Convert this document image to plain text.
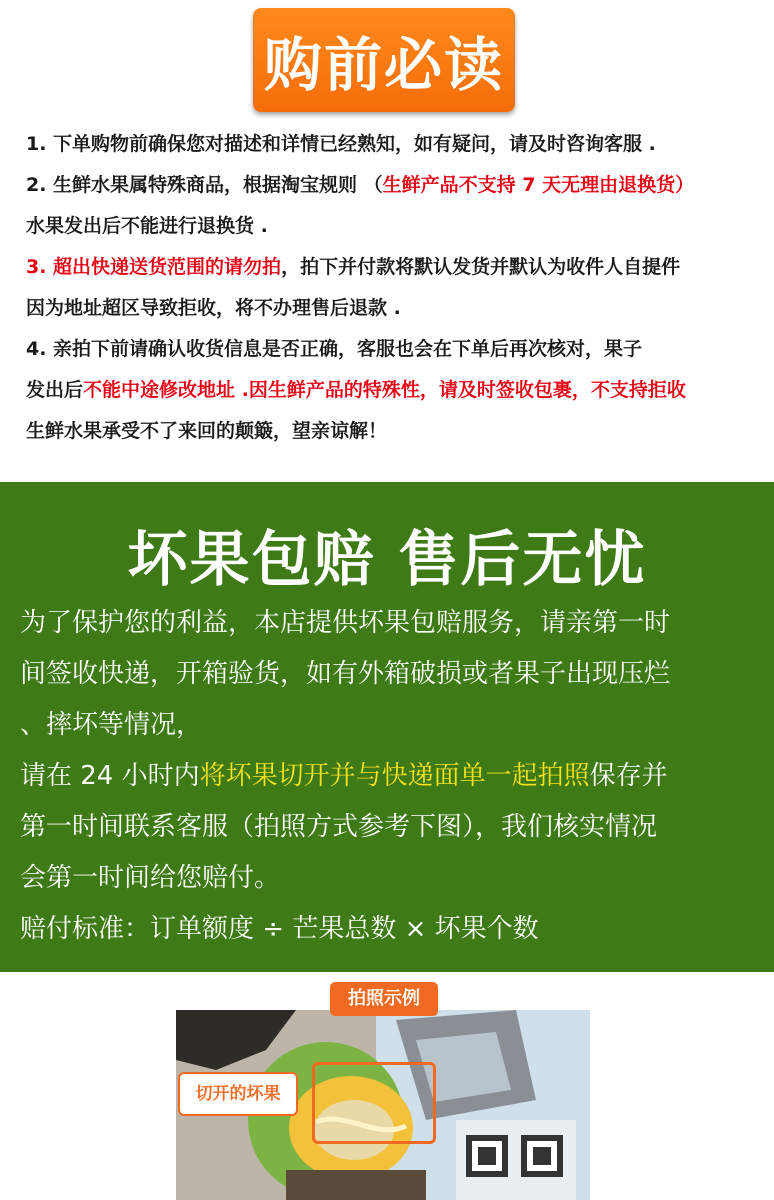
购前必读
1. 下单购物前确保您对描述和详情已经熟知，如有疑问，请及时咨询客服 .
2. 生鲜水果属特殊商品，根据淘宝规则 （生鲜产品不支持 7 天无理由退换货）
水果发出后不能进行退换货 .
3. 超出快递送货范围的请勿拍，拍下并付款将默认发货并默认为收件人自提件
因为地址超区导致拒收，将不办理售后退款 .
4. 亲拍下前请确认收货信息是否正确，客服也会在下单后再次核对，果子
发出后不能中途修改地址 .因生鲜产品的特殊性，请及时签收包裹，不支持拒收
生鲜水果承受不了来回的颠簸，望亲谅解！
坏果包赔 售后无忧
为了保护您的利益，本店提供坏果包赔服务，请亲第一时
间签收快递，开箱验货，如有外箱破损或者果子出现压烂
、摔坏等情况，
请在 24 小时内将坏果切开并与快递面单一起拍照保存并
第一时间联系客服（拍照方式参考下图），我们核实情况
会第一时间给您赔付。
赔付标准：订单额度 ÷ 芒果总数 × 坏果个数
拍照示例
切开的坏果
